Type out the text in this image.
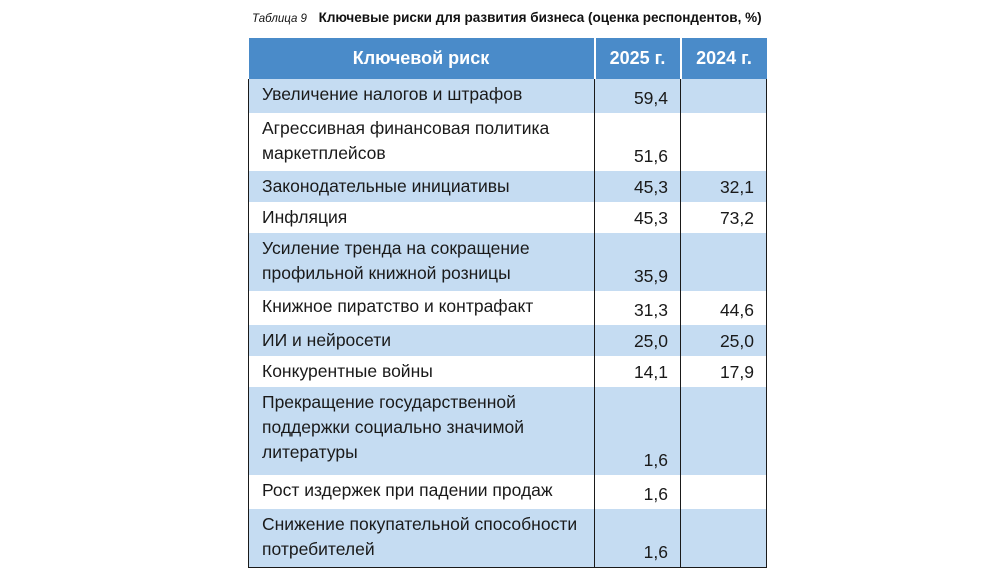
Таблица 9 Ключевые риски для развития бизнеса (оценка респондентов, %)
Ключевой риск	2025 г.	2024 г.
Увеличение налогов и штрафов	59,4	
Агрессивная финансовая политика маркетплейсов	51,6	
Законодательные инициативы	45,3	32,1
Инфляция	45,3	73,2
Усиление тренда на сокращение профильной книжной розницы	35,9	
Книжное пиратство и контрафакт	31,3	44,6
ИИ и нейросети	25,0	25,0
Конкурентные войны	14,1	17,9
Прекращение государственной поддержки социально значимой литературы	1,6	
Рост издержек при падении продаж	1,6	
Снижение покупательной способности потребителей	1,6	
